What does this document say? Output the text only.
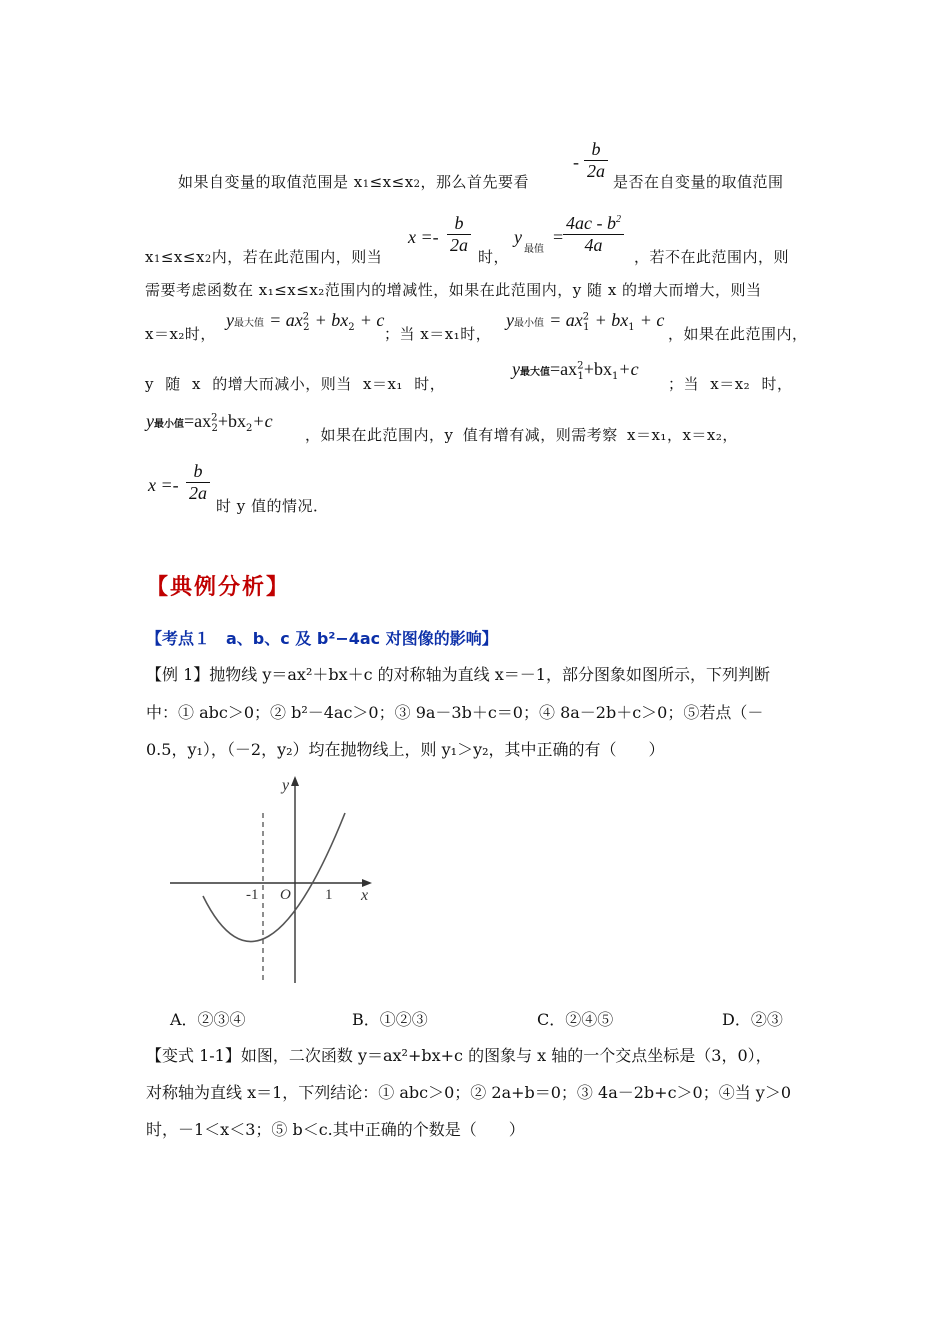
如果自变量的取值范围是 x1≤x≤x2，那么首先要看
- $\frac{b}{2a}$ 是否在自变量的取值范围
x1≤x≤x2内，若在此范围内，则当
$x =- \frac{b}{2a}$
时，
y
最值
= $\frac{4ac - b^2}{4a}$
，若不在此范围内，则
需要考虑函数在 x₁≤x≤x₂范围内的增减性，如果在此范围内，y 随 x 的增大而增大，则当
x＝x₂时，
y最大值 = $ax^2_2 + bx_2 + c$
；当 x＝x₁时，
y最小值 = $ax^2_1 + bx_1 + c$
，如果在此范围内，
y 随 x 的增大而减小，则当 x＝x₁ 时，
y最大值$=ax^2_1+bx_1+c$
；当 x＝x₂ 时，
y最小值$=ax^2_2+bx_2+c$
，如果在此范围内，y 值有增有减，则需考察 x＝x₁，x＝x₂，
$x =- \frac{b}{2a}$
时 y 值的情况．
【典例分析】
【考点１　a、b、c 及 b²−4ac 对图像的影响】
【例 1】抛物线 y＝ax²＋bx＋c 的对称轴为直线 x＝－1，部分图象如图所示，下列判断
中：① abc＞0；② b²－4ac＞0；③ 9a－3b＋c＝0；④ 8a－2b＋c＞0；⑤若点（－
0.5，y₁），（－2，y₂）均在抛物线上，则 y₁＞y₂，其中正确的有（　　）
y
x
O
-1	1
A．②③④	B．①②③	C．②④⑤	D．②③
【变式 1-1】如图，二次函数 y＝ax²+bx+c 的图象与 x 轴的一个交点坐标是（3，0），
对称轴为直线 x＝1，下列结论：① abc＞0；② 2a+b＝0；③ 4a－2b+c＞0；④当 y＞0
时，－1＜x＜3；⑤ b＜c.其中正确的个数是（　　）
